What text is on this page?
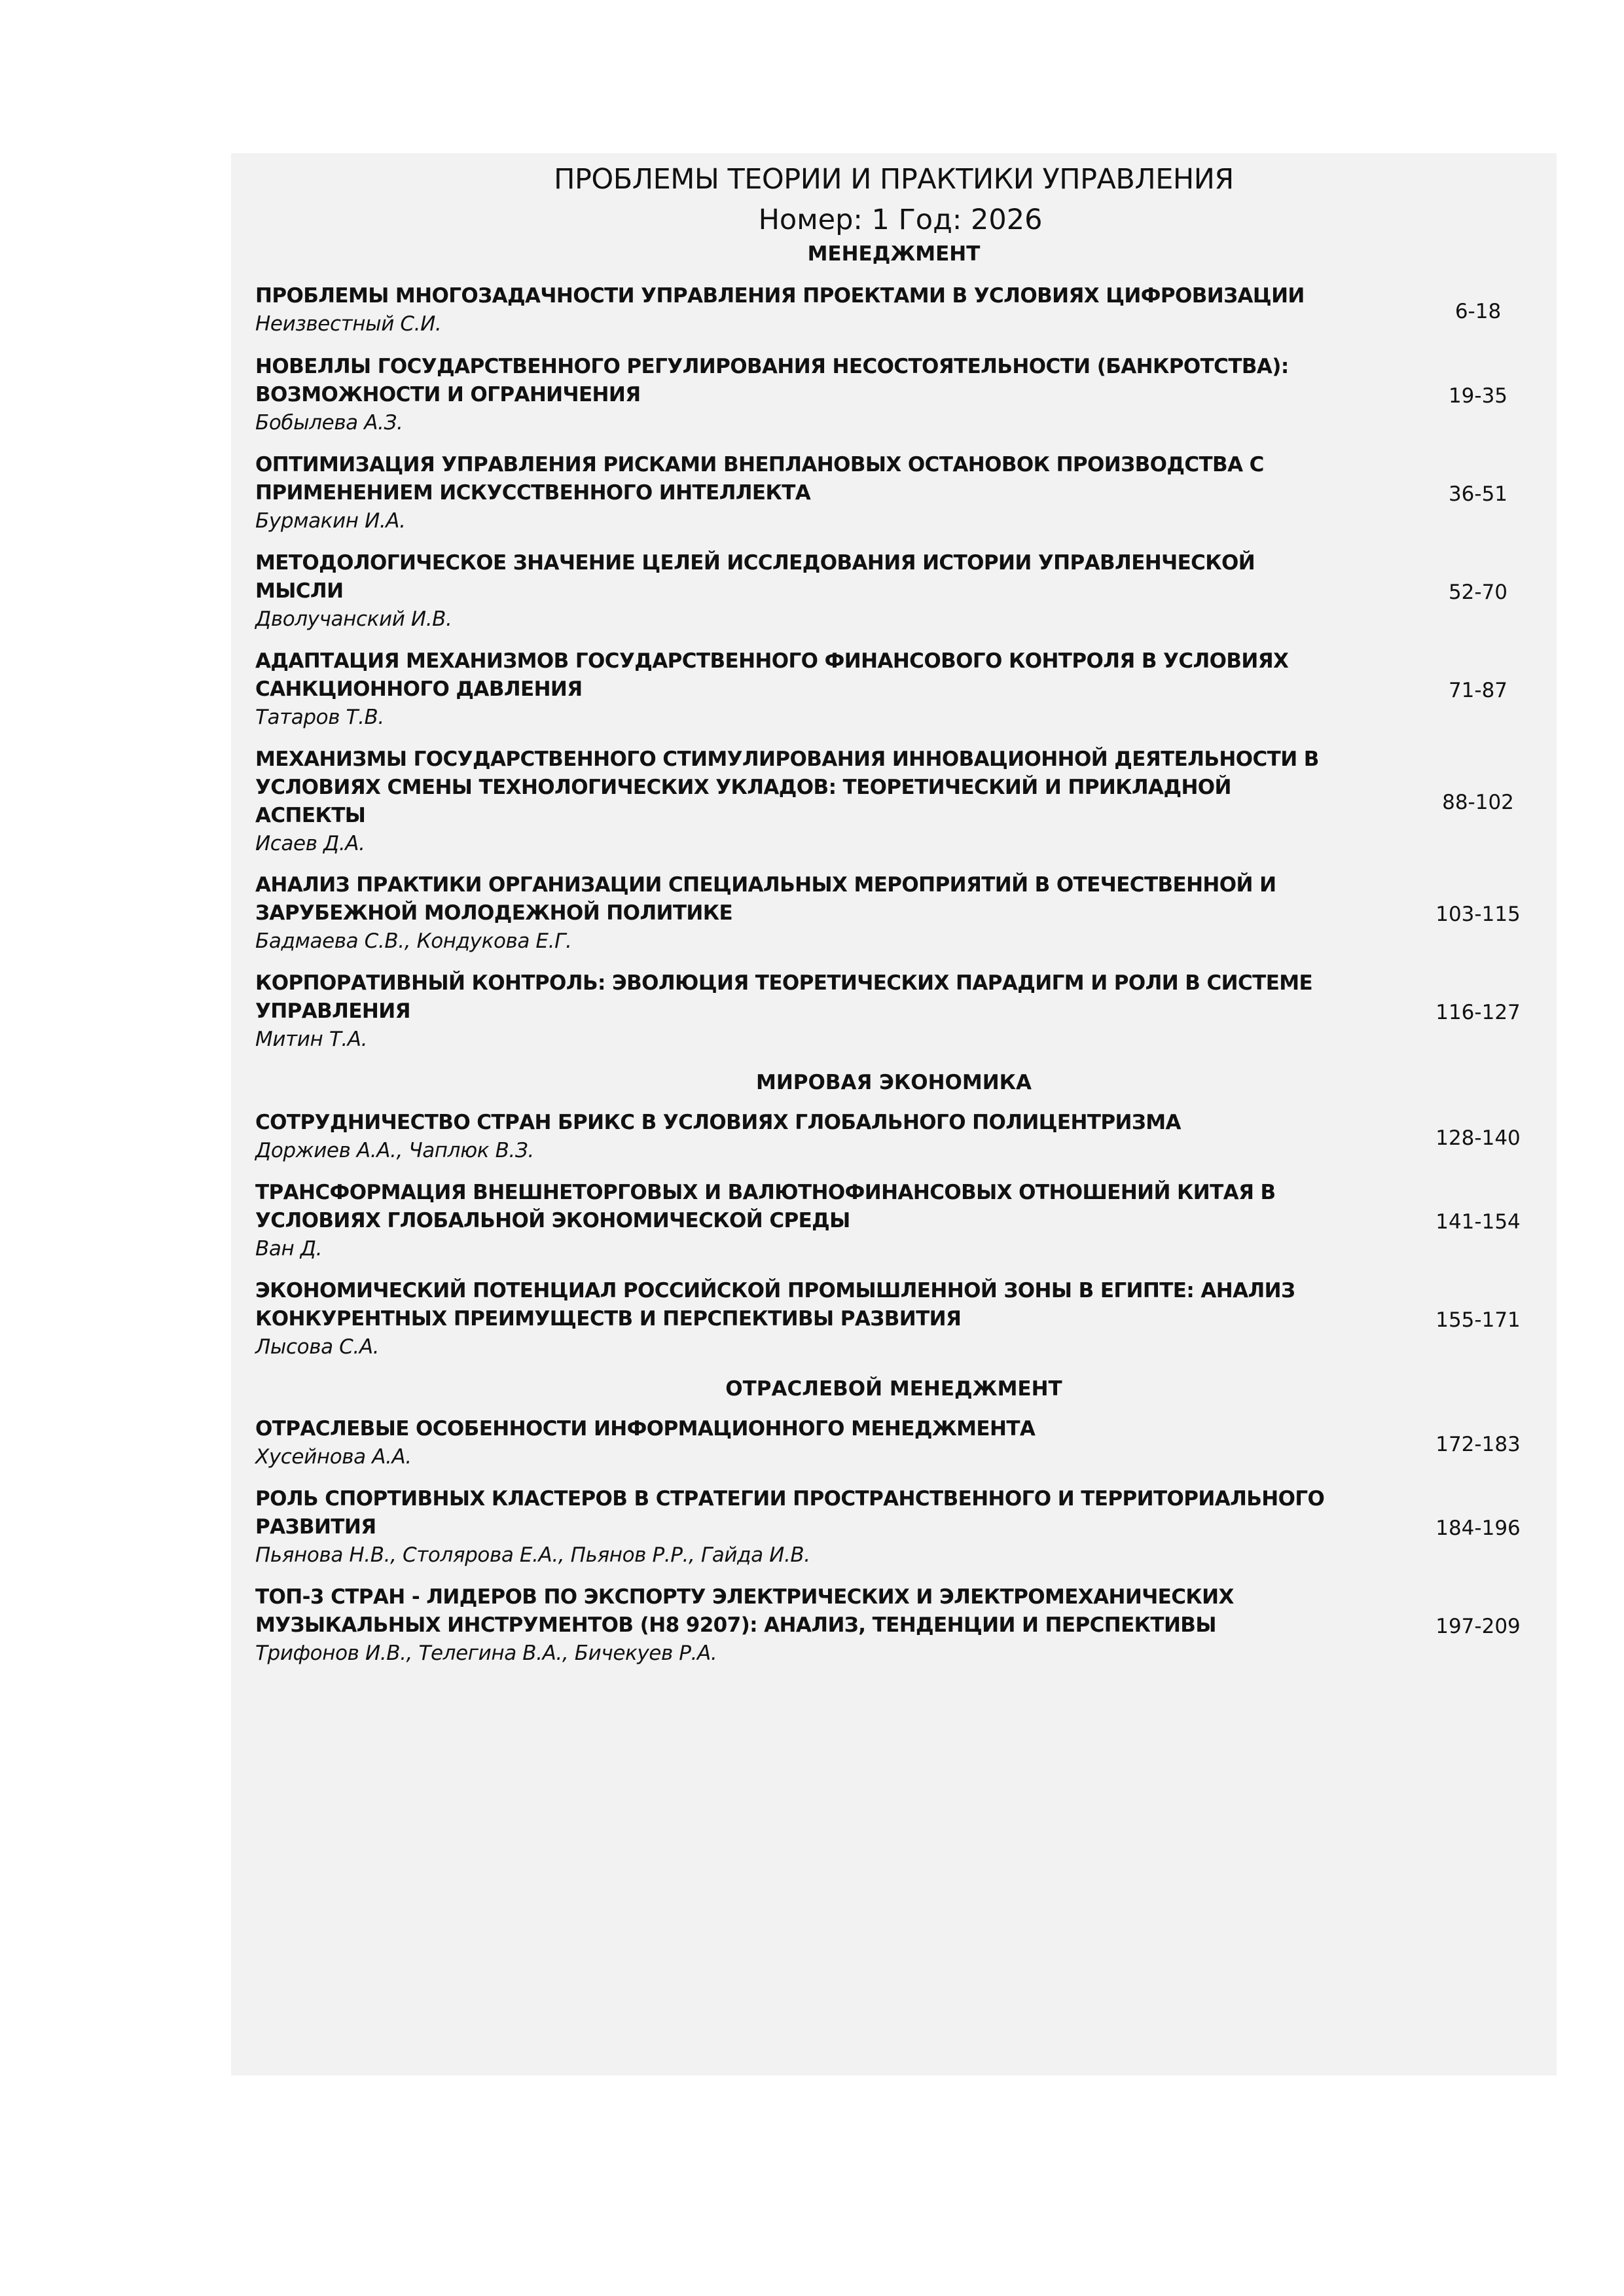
ПРОБЛЕМЫ ТЕОРИИ И ПРАКТИКИ УПРАВЛЕНИЯ
Номер: 1 Год: 2026
МЕНЕДЖМЕНТ
ПРОБЛЕМЫ МНОГОЗАДАЧНОСТИ УПРАВЛЕНИЯ ПРОЕКТАМИ В УСЛОВИЯХ ЦИФРОВИЗАЦИИ
Неизвестный С.И.
6-18
НОВЕЛЛЫ ГОСУДАРСТВЕННОГО РЕГУЛИРОВАНИЯ НЕСОСТОЯТЕЛЬНОСТИ (БАНКРОТСТВА): ВОЗМОЖНОСТИ И ОГРАНИЧЕНИЯ
Бобылева А.З.
19-35
ОПТИМИЗАЦИЯ УПРАВЛЕНИЯ РИСКАМИ ВНЕПЛАНОВЫХ ОСТАНОВОК ПРОИЗВОДСТВА С ПРИМЕНЕНИЕМ ИСКУССТВЕННОГО ИНТЕЛЛЕКТА
Бурмакин И.А.
36-51
МЕТОДОЛОГИЧЕСКОЕ ЗНАЧЕНИЕ ЦЕЛЕЙ ИССЛЕДОВАНИЯ ИСТОРИИ УПРАВЛЕНЧЕСКОЙ МЫСЛИ
Дволучанский И.В.
52-70
АДАПТАЦИЯ МЕХАНИЗМОВ ГОСУДАРСТВЕННОГО ФИНАНСОВОГО КОНТРОЛЯ В УСЛОВИЯХ САНКЦИОННОГО ДАВЛЕНИЯ
Татаров Т.В.
71-87
МЕХАНИЗМЫ ГОСУДАРСТВЕННОГО СТИМУЛИРОВАНИЯ ИННОВАЦИОННОЙ ДЕЯТЕЛЬНОСТИ В УСЛОВИЯХ СМЕНЫ ТЕХНОЛОГИЧЕСКИХ УКЛАДОВ: ТЕОРЕТИЧЕСКИЙ И ПРИКЛАДНОЙ АСПЕКТЫ
Исаев Д.А.
88-102
АНАЛИЗ ПРАКТИКИ ОРГАНИЗАЦИИ СПЕЦИАЛЬНЫХ МЕРОПРИЯТИЙ В ОТЕЧЕСТВЕННОЙ И ЗАРУБЕЖНОЙ МОЛОДЕЖНОЙ ПОЛИТИКЕ
Бадмаева С.В., Кондукова Е.Г.
103-115
КОРПОРАТИВНЫЙ КОНТРОЛЬ: ЭВОЛЮЦИЯ ТЕОРЕТИЧЕСКИХ ПАРАДИГМ И РОЛИ В СИСТЕМЕ УПРАВЛЕНИЯ
Митин Т.А.
116-127
МИРОВАЯ ЭКОНОМИКА
СОТРУДНИЧЕСТВО СТРАН БРИКС В УСЛОВИЯХ ГЛОБАЛЬНОГО ПОЛИЦЕНТРИЗМА
Доржиев А.А., Чаплюк В.З.
128-140
ТРАНСФОРМАЦИЯ ВНЕШНЕТОРГОВЫХ И ВАЛЮТНОФИНАНСОВЫХ ОТНОШЕНИЙ КИТАЯ В УСЛОВИЯХ ГЛОБАЛЬНОЙ ЭКОНОМИЧЕСКОЙ СРЕДЫ
Ван Д.
141-154
ЭКОНОМИЧЕСКИЙ ПОТЕНЦИАЛ РОССИЙСКОЙ ПРОМЫШЛЕННОЙ ЗОНЫ В ЕГИПТЕ: АНАЛИЗ КОНКУРЕНТНЫХ ПРЕИМУЩЕСТВ И ПЕРСПЕКТИВЫ РАЗВИТИЯ
Лысова С.А.
155-171
ОТРАСЛЕВОЙ МЕНЕДЖМЕНТ
ОТРАСЛЕВЫЕ ОСОБЕННОСТИ ИНФОРМАЦИОННОГО МЕНЕДЖМЕНТА
Хусейнова А.А.
172-183
РОЛЬ СПОРТИВНЫХ КЛАСТЕРОВ В СТРАТЕГИИ ПРОСТРАНСТВЕННОГО И ТЕРРИТОРИАЛЬНОГО РАЗВИТИЯ
Пьянова Н.В., Столярова Е.А., Пьянов Р.Р., Гайда И.В.
184-196
ТОП-3 СТРАН - ЛИДЕРОВ ПО ЭКСПОРТУ ЭЛЕКТРИЧЕСКИХ И ЭЛЕКТРОМЕХАНИЧЕСКИХ МУЗЫКАЛЬНЫХ ИНСТРУМЕНТОВ (Н8 9207): АНАЛИЗ, ТЕНДЕНЦИИ И ПЕРСПЕКТИВЫ
Трифонов И.В., Телегина В.А., Бичекуев Р.А.
197-209
